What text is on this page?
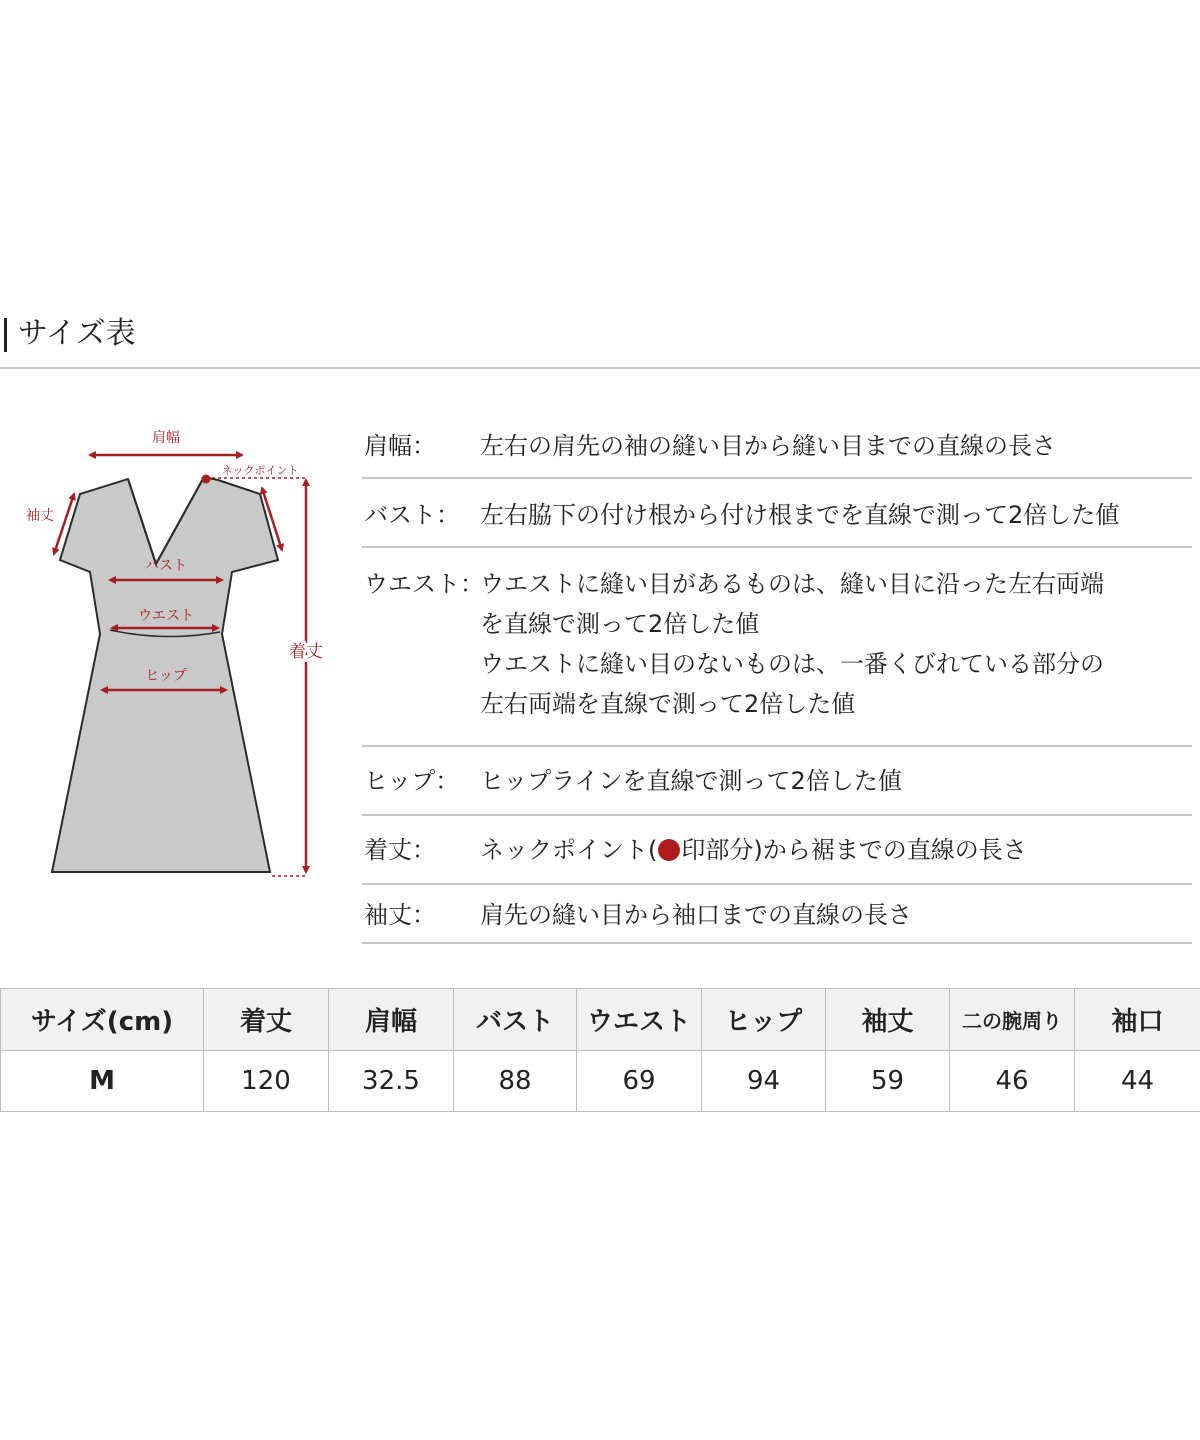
サイズ表
肩幅
ネックポイント
袖丈
バスト
ウエスト
ヒップ
着丈
肩幅： 左右の肩先の袖の縫い目から縫い目までの直線の長さ
バスト： 左右脇下の付け根から付け根までを直線で測って2倍した値
ウエスト：
ウエストに縫い目があるものは、縫い目に沿った左右両端
を直線で測って2倍した値
ウエストに縫い目のないものは、一番くびれている部分の
左右両端を直線で測って2倍した値
ヒップ： ヒップラインを直線で測って2倍した値
着丈： ネックポイント( 印部分)から裾までの直線の長さ
袖丈： 肩先の縫い目から袖口までの直線の長さ
サイズ(cm)	着丈	肩幅	バスト	ウエスト	ヒップ	袖丈	二の腕周り	袖口
M	120	32.5	88	69	94	59	46	44
